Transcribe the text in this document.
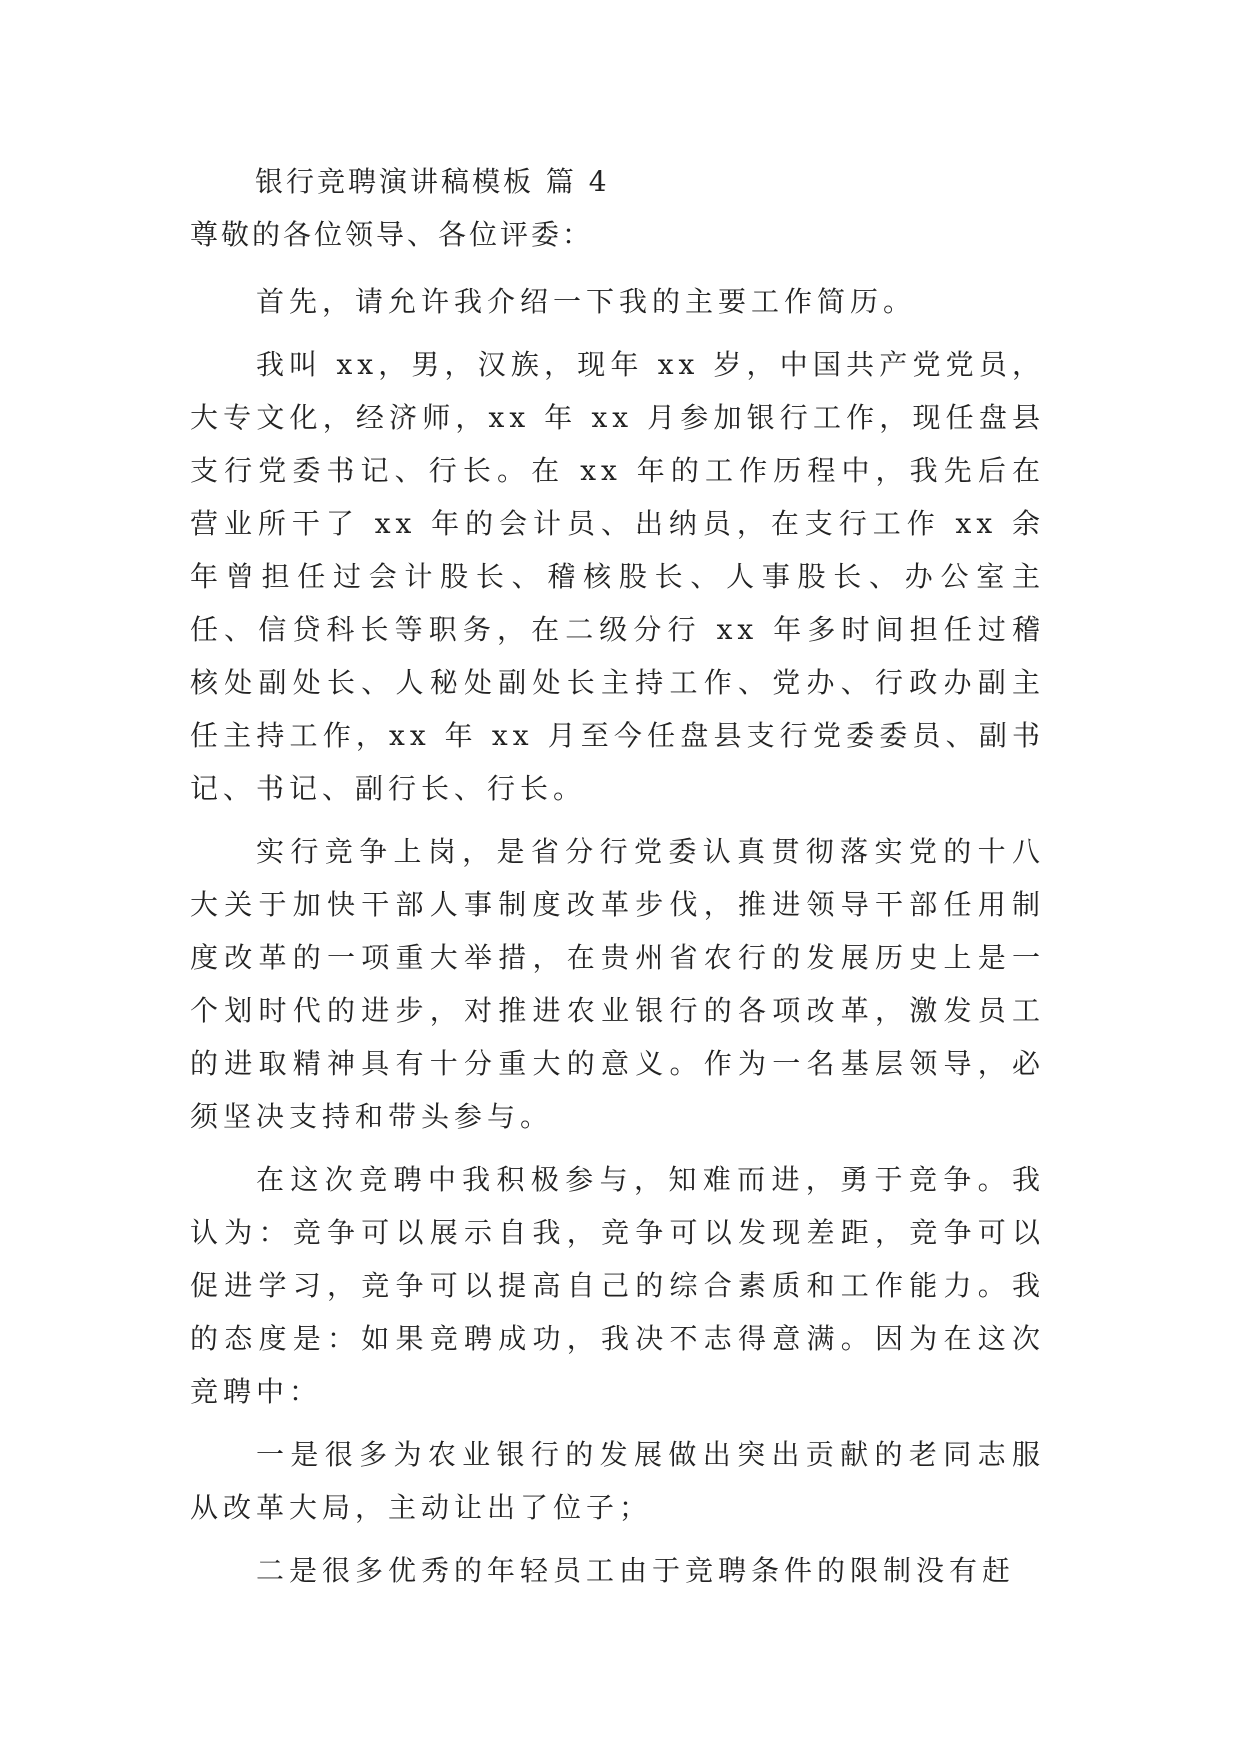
银行竞聘演讲稿模板 篇 4
尊敬的各位领导、各位评委：

首先，请允许我介绍一下我的主要工作简历。

我叫 xx，男，汉族，现年 xx 岁，中国共产党党员，大专文化，经济师，xx 年 xx 月参加银行工作，现任盘县支行党委书记、行长。在 xx 年的工作历程中，我先后在营业所干了 xx 年的会计员、出纳员，在支行工作 xx 余年曾担任过会计股长、稽核股长、人事股长、办公室主任、信贷科长等职务，在二级分行 xx 年多时间担任过稽核处副处长、人秘处副处长主持工作、党办、行政办副主任主持工作，xx 年 xx 月至今任盘县支行党委委员、副书记、书记、副行长、行长。

实行竞争上岗，是省分行党委认真贯彻落实党的十八大关于加快干部人事制度改革步伐，推进领导干部任用制度改革的一项重大举措，在贵州省农行的发展历史上是一个划时代的进步，对推进农业银行的各项改革，激发员工的进取精神具有十分重大的意义。作为一名基层领导，必须坚决支持和带头参与。

在这次竞聘中我积极参与，知难而进，勇于竞争。我认为：竞争可以展示自我，竞争可以发现差距，竞争可以促进学习，竞争可以提高自己的综合素质和工作能力。我的态度是：如果竞聘成功，我决不志得意满。因为在这次竞聘中：

一是很多为农业银行的发展做出突出贡献的老同志服从改革大局，主动让出了位子；

二是很多优秀的年轻员工由于竞聘条件的限制没有赶
